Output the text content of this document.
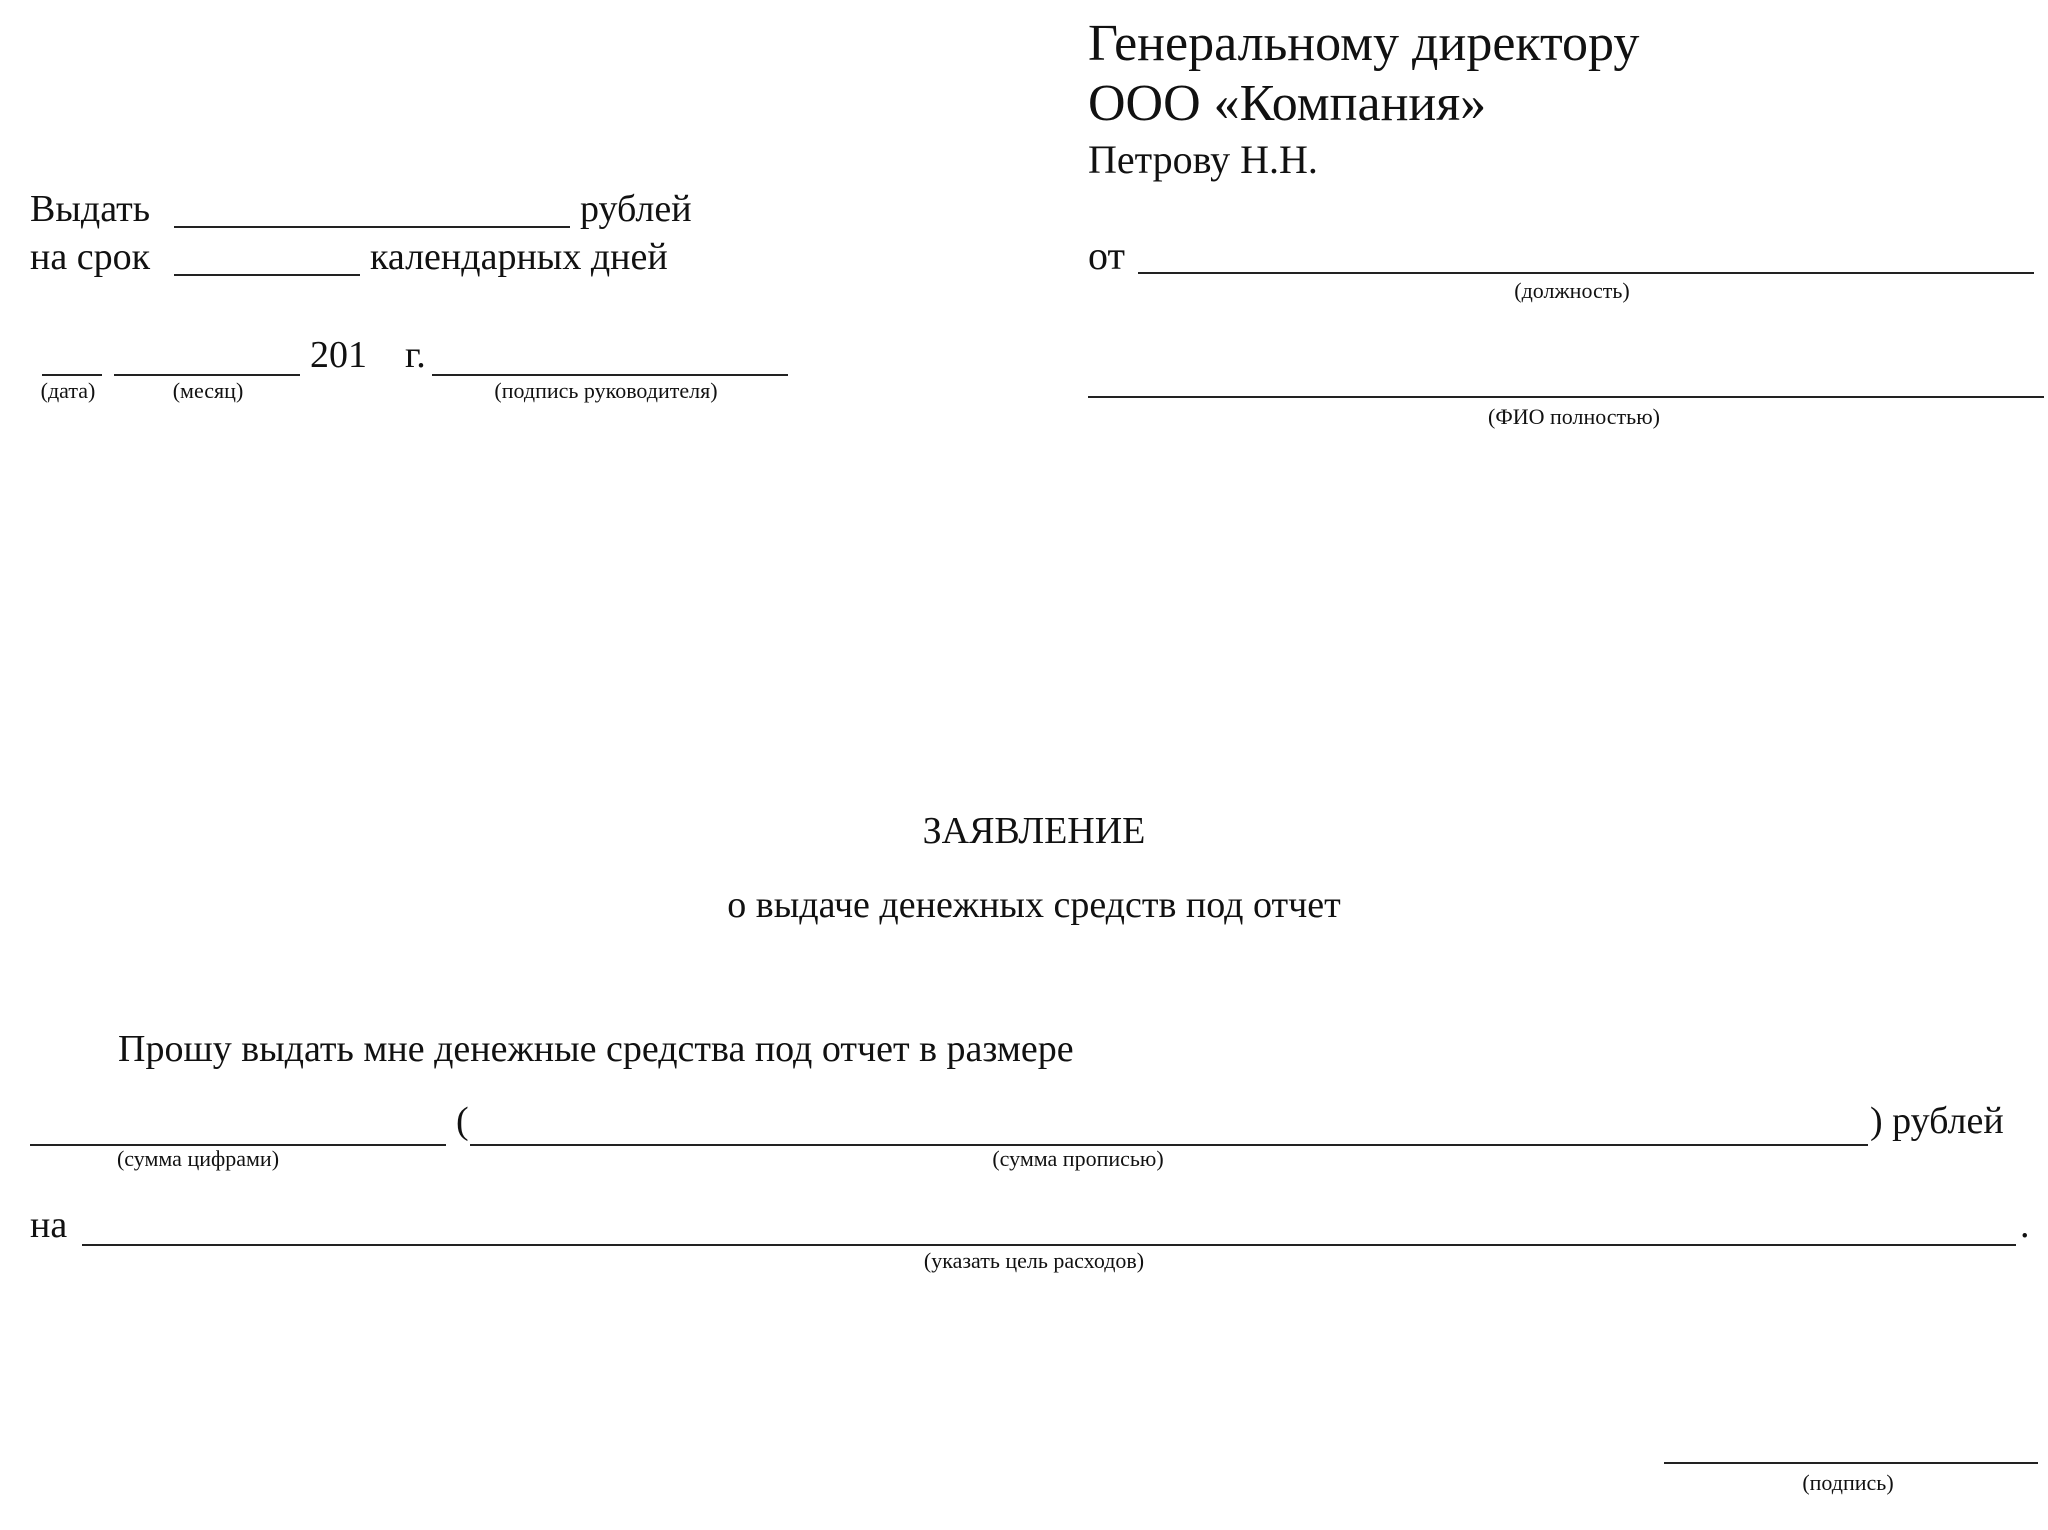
Генеральному директору
ООО «Компания»
Петрову Н.Н.
от
(должность)
(ФИО полностью)
Выдать	рублей
на срок	календарных дней
201 г.
(дата)	(месяц)	(подпись руководителя)
ЗАЯВЛЕНИЕ
о выдаче денежных средств под отчет
Прошу выдать мне денежные средства под отчет в размере
(	) рублей
(сумма цифрами)	(сумма прописью)
на	.
(указать цель расходов)
(подпись)
